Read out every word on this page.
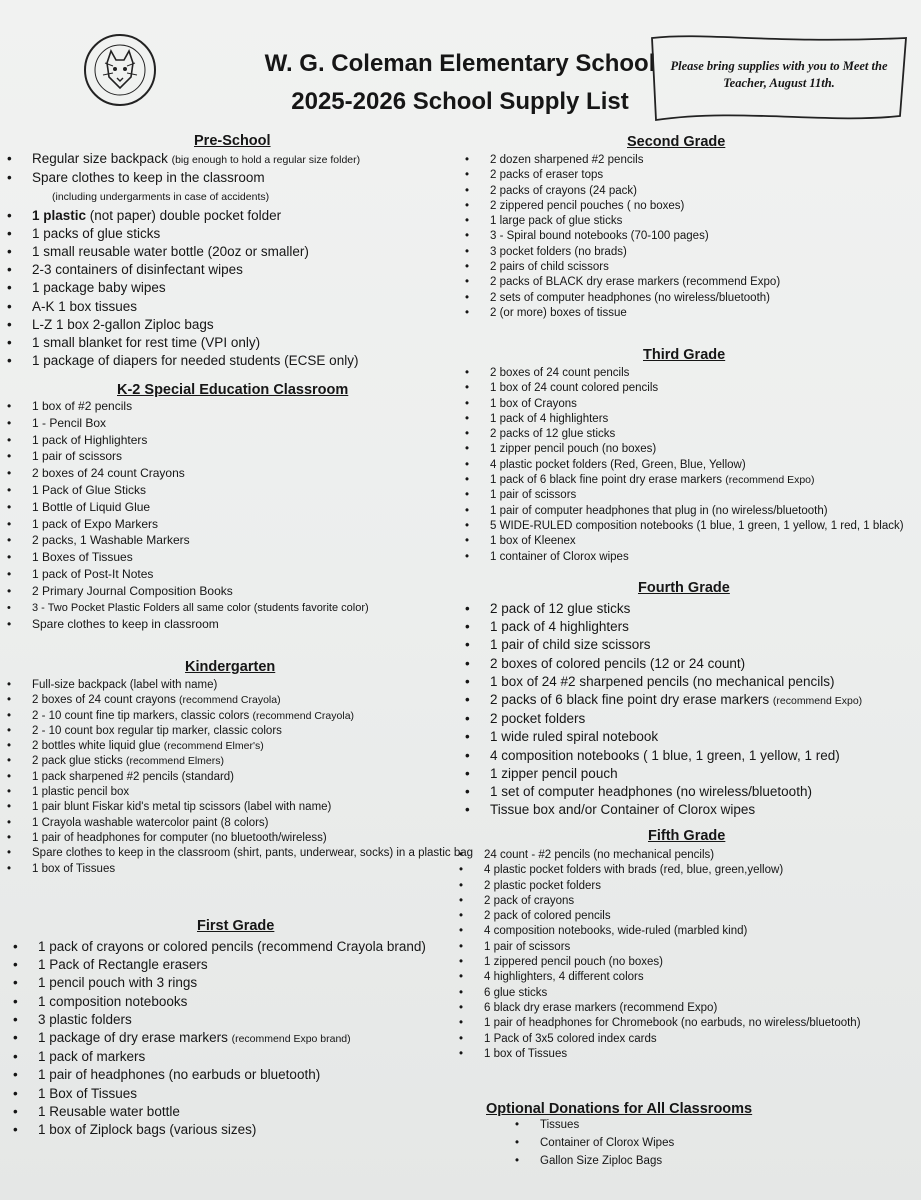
W. G. Coleman Elementary School
2025-2026 School Supply List
Please bring supplies with you to Meet the Teacher, August 11th.
Pre-School
• Regular size backpack (big enough to hold a regular size folder)
• Spare clothes to keep in the classroom
(including undergarments in case of accidents)
• 1 plastic (not paper) double pocket folder
• 1 packs of glue sticks
• 1 small reusable water bottle (20oz or smaller)
• 2-3 containers of disinfectant wipes
• 1 package baby wipes
• A-K 1 box tissues
• L-Z 1 box 2-gallon Ziploc bags
• 1 small blanket for rest time (VPI only)
• 1 package of diapers for needed students (ECSE only)
K-2 Special Education Classroom
• 1 box of #2 pencils
• 1 - Pencil Box
• 1 pack of Highlighters
• 1 pair of scissors
• 2 boxes of 24 count Crayons
• 1 Pack of Glue Sticks
• 1 Bottle of Liquid Glue
• 1 pack of Expo Markers
• 2 packs, 1 Washable Markers
• 1 Boxes of Tissues
• 1 pack of Post-It Notes
• 2 Primary Journal Composition Books
• 3 - Two Pocket Plastic Folders all same color (students favorite color)
• Spare clothes to keep in classroom
Kindergarten
• Full-size backpack (label with name)
• 2 boxes of 24 count crayons (recommend Crayola)
• 2 - 10 count fine tip markers, classic colors (recommend Crayola)
• 2 - 10 count box regular tip marker, classic colors
• 2 bottles white liquid glue (recommend Elmer's)
• 2 pack glue sticks (recommend Elmers)
• 1 pack sharpened #2 pencils (standard)
• 1 plastic pencil box
• 1 pair blunt Fiskar kid's metal tip scissors (label with name)
• 1 Crayola washable watercolor paint (8 colors)
• 1 pair of headphones for computer (no bluetooth/wireless)
• Spare clothes to keep in the classroom (shirt, pants, underwear, socks) in a plastic bag
• 1 box of Tissues
First Grade
• 1 pack of crayons or colored pencils (recommend Crayola brand)
• 1 Pack of Rectangle erasers
• 1 pencil pouch with 3 rings
• 1 composition notebooks
• 3 plastic folders
• 1 package of dry erase markers (recommend Expo brand)
• 1 pack of markers
• 1 pair of headphones (no earbuds or bluetooth)
• 1 Box of Tissues
• 1 Reusable water bottle
• 1 box of Ziplock bags (various sizes)
Second Grade
• 2 dozen sharpened #2 pencils
• 2 packs of eraser tops
• 2 packs of crayons (24 pack)
• 2 zippered pencil pouches ( no boxes)
• 1 large pack of glue sticks
• 3 - Spiral bound notebooks (70-100 pages)
• 3 pocket folders (no brads)
• 2 pairs of child scissors
• 2 packs of BLACK dry erase markers (recommend Expo)
• 2 sets of computer headphones (no wireless/bluetooth)
• 2 (or more) boxes of tissue
Third Grade
• 2 boxes of 24 count pencils
• 1 box of 24 count colored pencils
• 1 box of Crayons
• 1 pack of 4 highlighters
• 2 packs of 12 glue sticks
• 1 zipper pencil pouch (no boxes)
• 4 plastic pocket folders (Red, Green, Blue, Yellow)
• 1 pack of 6 black fine point dry erase markers (recommend Expo)
• 1 pair of scissors
• 1 pair of computer headphones that plug in (no wireless/bluetooth)
• 5 WIDE-RULED composition notebooks (1 blue, 1 green, 1 yellow, 1 red, 1 black)
• 1 box of Kleenex
• 1 container of Clorox wipes
Fourth Grade
• 2 pack of 12 glue sticks
• 1 pack of 4 highlighters
• 1 pair of child size scissors
• 2 boxes of colored pencils (12 or 24 count)
• 1 box of 24 #2 sharpened pencils (no mechanical pencils)
• 2 packs of 6 black fine point dry erase markers (recommend Expo)
• 2 pocket folders
• 1 wide ruled spiral notebook
• 4 composition notebooks ( 1 blue, 1 green, 1 yellow, 1 red)
• 1 zipper pencil pouch
• 1 set of computer headphones (no wireless/bluetooth)
• Tissue box and/or Container of Clorox wipes
Fifth Grade
• 24 count - #2 pencils (no mechanical pencils)
• 4 plastic pocket folders with brads (red, blue, green,yellow)
• 2 plastic pocket folders
• 2 pack of crayons
• 2 pack of colored pencils
• 4 composition notebooks, wide-ruled (marbled kind)
• 1 pair of scissors
• 1 zippered pencil pouch (no boxes)
• 4 highlighters, 4 different colors
• 6 glue sticks
• 6 black dry erase markers (recommend Expo)
• 1 pair of headphones for Chromebook (no earbuds, no wireless/bluetooth)
• 1 Pack of 3x5 colored index cards
• 1 box of Tissues
Optional Donations for All Classrooms
• Tissues
• Container of Clorox Wipes
• Gallon Size Ziploc Bags
